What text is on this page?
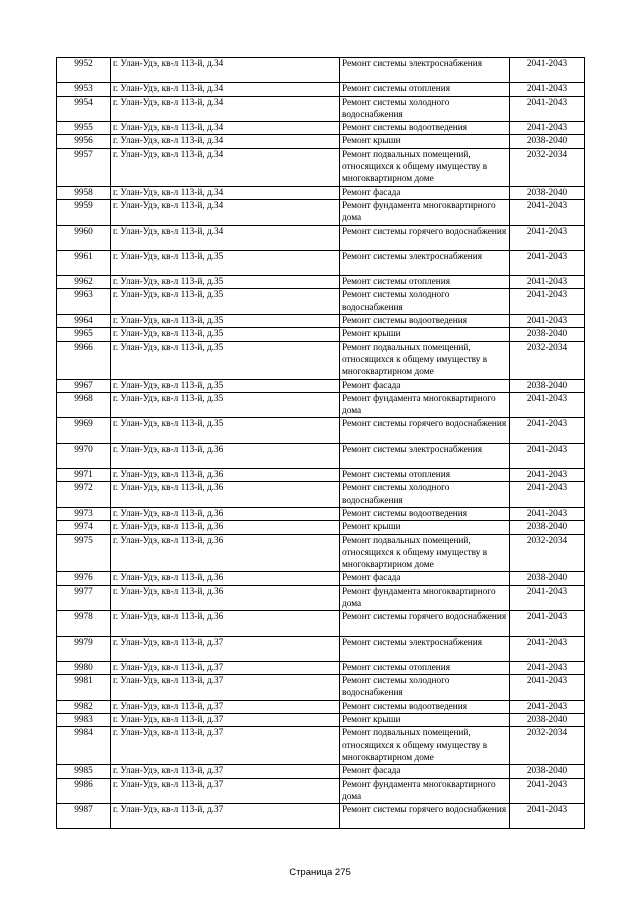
9952	г. Улан-Удэ, кв-л 113-й, д.34	Ремонт системы электроснабжения	2041-2043
9953	г. Улан-Удэ, кв-л 113-й, д.34	Ремонт системы отопления	2041-2043
9954	г. Улан-Удэ, кв-л 113-й, д.34	Ремонт системы холодного водоснабжения	2041-2043
9955	г. Улан-Удэ, кв-л 113-й, д.34	Ремонт системы водоотведения	2041-2043
9956	г. Улан-Удэ, кв-л 113-й, д.34	Ремонт крыши	2038-2040
9957	г. Улан-Удэ, кв-л 113-й, д.34	Ремонт подвальных помещений, относящихся к общему имуществу в многоквартирном доме	2032-2034
9958	г. Улан-Удэ, кв-л 113-й, д.34	Ремонт фасада	2038-2040
9959	г. Улан-Удэ, кв-л 113-й, д.34	Ремонт фундамента многоквартирного дома	2041-2043
9960	г. Улан-Удэ, кв-л 113-й, д.34	Ремонт системы горячего водоснабжения	2041-2043
9961	г. Улан-Удэ, кв-л 113-й, д.35	Ремонт системы электроснабжения	2041-2043
9962	г. Улан-Удэ, кв-л 113-й, д.35	Ремонт системы отопления	2041-2043
9963	г. Улан-Удэ, кв-л 113-й, д.35	Ремонт системы холодного водоснабжения	2041-2043
9964	г. Улан-Удэ, кв-л 113-й, д.35	Ремонт системы водоотведения	2041-2043
9965	г. Улан-Удэ, кв-л 113-й, д.35	Ремонт крыши	2038-2040
9966	г. Улан-Удэ, кв-л 113-й, д.35	Ремонт подвальных помещений, относящихся к общему имуществу в многоквартирном доме	2032-2034
9967	г. Улан-Удэ, кв-л 113-й, д.35	Ремонт фасада	2038-2040
9968	г. Улан-Удэ, кв-л 113-й, д.35	Ремонт фундамента многоквартирного дома	2041-2043
9969	г. Улан-Удэ, кв-л 113-й, д.35	Ремонт системы горячего водоснабжения	2041-2043
9970	г. Улан-Удэ, кв-л 113-й, д.36	Ремонт системы электроснабжения	2041-2043
9971	г. Улан-Удэ, кв-л 113-й, д.36	Ремонт системы отопления	2041-2043
9972	г. Улан-Удэ, кв-л 113-й, д.36	Ремонт системы холодного водоснабжения	2041-2043
9973	г. Улан-Удэ, кв-л 113-й, д.36	Ремонт системы водоотведения	2041-2043
9974	г. Улан-Удэ, кв-л 113-й, д.36	Ремонт крыши	2038-2040
9975	г. Улан-Удэ, кв-л 113-й, д.36	Ремонт подвальных помещений, относящихся к общему имуществу в многоквартирном доме	2032-2034
9976	г. Улан-Удэ, кв-л 113-й, д.36	Ремонт фасада	2038-2040
9977	г. Улан-Удэ, кв-л 113-й, д.36	Ремонт фундамента многоквартирного дома	2041-2043
9978	г. Улан-Удэ, кв-л 113-й, д.36	Ремонт системы горячего водоснабжения	2041-2043
9979	г. Улан-Удэ, кв-л 113-й, д.37	Ремонт системы электроснабжения	2041-2043
9980	г. Улан-Удэ, кв-л 113-й, д.37	Ремонт системы отопления	2041-2043
9981	г. Улан-Удэ, кв-л 113-й, д.37	Ремонт системы холодного водоснабжения	2041-2043
9982	г. Улан-Удэ, кв-л 113-й, д.37	Ремонт системы водоотведения	2041-2043
9983	г. Улан-Удэ, кв-л 113-й, д.37	Ремонт крыши	2038-2040
9984	г. Улан-Удэ, кв-л 113-й, д.37	Ремонт подвальных помещений, относящихся к общему имуществу в многоквартирном доме	2032-2034
9985	г. Улан-Удэ, кв-л 113-й, д.37	Ремонт фасада	2038-2040
9986	г. Улан-Удэ, кв-л 113-й, д.37	Ремонт фундамента многоквартирного дома	2041-2043
9987	г. Улан-Удэ, кв-л 113-й, д.37	Ремонт системы горячего водоснабжения	2041-2043
Страница 275
